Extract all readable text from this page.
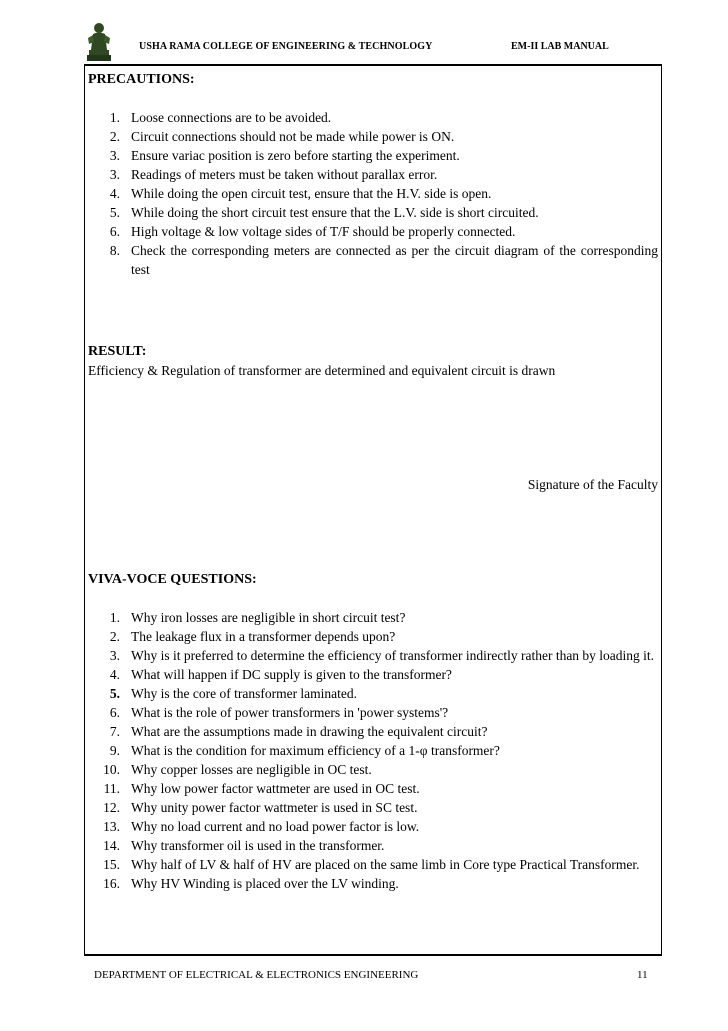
USHA RAMA COLLEGE OF ENGINEERING & TECHNOLOGY	EM-II LAB MANUAL
PRECAUTIONS:
1. Loose connections are to be avoided.
2. Circuit connections should not be made while power is ON.
3. Ensure variac position is zero before starting the experiment.
3. Readings of meters must be taken without parallax error.
4. While doing the open circuit test, ensure that the H.V. side is open.
5. While doing the short circuit test ensure that the L.V. side is short circuited.
6. High voltage & low voltage sides of T/F should be properly connected.
8. Check the corresponding meters are connected as per the circuit diagram of the corresponding test
RESULT:

Efficiency & Regulation of transformer are determined and equivalent circuit is drawn

Signature of the Faculty

VIVA-VOCE QUESTIONS:
1. Why iron losses are negligible in short circuit test?
2. The leakage flux in a transformer depends upon?
3. Why is it preferred to determine the efficiency of transformer indirectly rather than by loading it.
4. What will happen if DC supply is given to the transformer?
5. Why is the core of transformer laminated.
6. What is the role of power transformers in 'power systems'?
7. What are the assumptions made in drawing the equivalent circuit?
9. What is the condition for maximum efficiency of a 1-φ transformer?
10. Why copper losses are negligible in OC test.
11. Why low power factor wattmeter are used in OC test.
12. Why unity power factor wattmeter is used in SC test.
13. Why no load current and no load power factor is low.
14. Why transformer oil is used in the transformer.
15. Why half of LV & half of HV are placed on the same limb in Core type Practical Transformer.
16. Why HV Winding is placed over the LV winding.
DEPARTMENT OF ELECTRICAL & ELECTRONICS ENGINEERING	11
